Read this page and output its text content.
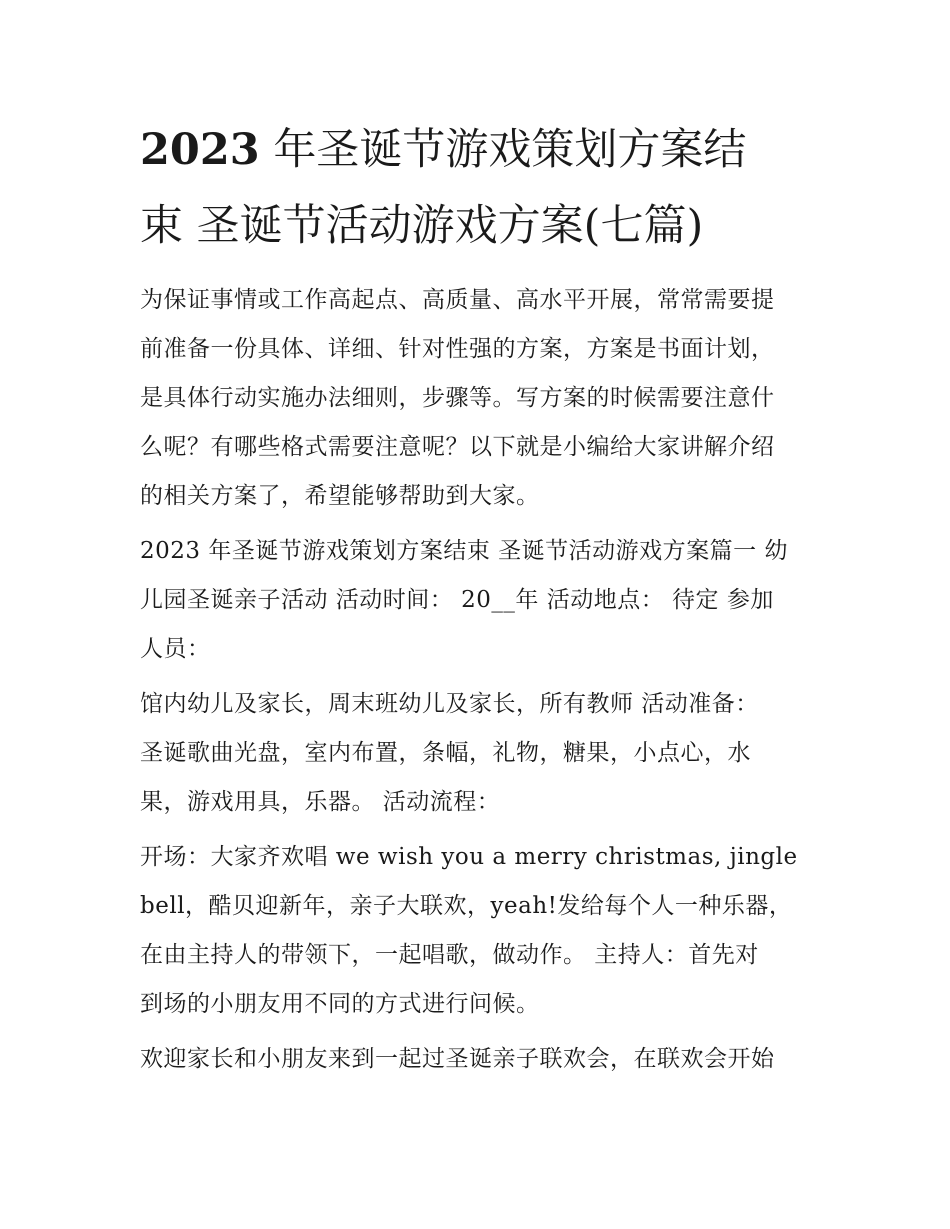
2023 年圣诞节游戏策划方案结
束 圣诞节活动游戏方案(七篇)

为保证事情或工作高起点、高质量、高水平开展，常常需要提

前准备一份具体、详细、针对性强的方案，方案是书面计划，

是具体行动实施办法细则，步骤等。写方案的时候需要注意什

么呢？有哪些格式需要注意呢？以下就是小编给大家讲解介绍

的相关方案了，希望能够帮助到大家。

2023 年圣诞节游戏策划方案结束 圣诞节活动游戏方案篇一 幼

儿园圣诞亲子活动 活动时间： 20__年 活动地点： 待定 参加

人员：

馆内幼儿及家长，周末班幼儿及家长，所有教师 活动准备：

圣诞歌曲光盘，室内布置，条幅，礼物，糖果，小点心，水

果，游戏用具，乐器。 活动流程：

开场：大家齐欢唱 we wish you a merry christmas, jingle

bell，酷贝迎新年，亲子大联欢，yeah!发给每个人一种乐器，

在由主持人的带领下，一起唱歌，做动作。 主持人：首先对

到场的小朋友用不同的方式进行问候。

欢迎家长和小朋友来到一起过圣诞亲子联欢会，在联欢会开始
